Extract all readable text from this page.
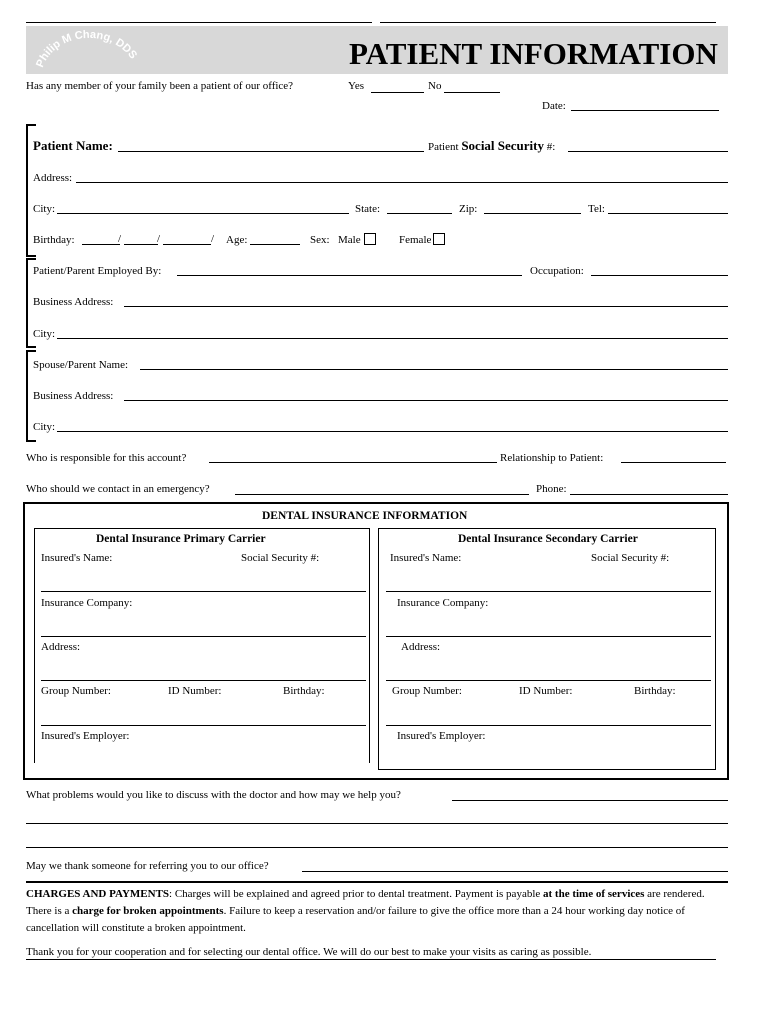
Philip M Chang, DDS	PATIENT INFORMATION
Has any member of your family been a patient of our office?	Yes	No
Date:
Patient Name:	Patient Social Security #:
Address:
City:	State:	Zip:	Tel:
Birthday:	/	/	/ Age:	Sex: Male	Female
Patient/Parent Employed By:	Occupation:
Business Address:
City:
Spouse/Parent Name:
Business Address:
City:
Who is responsible for this account?	Relationship to Patient:
Who should we contact in an emergency?	Phone:
DENTAL INSURANCE INFORMATION
Dental Insurance Primary Carrier
Insured's Name:	Social Security #:
Insurance Company:
Address:
Group Number:	ID Number:	Birthday:
Insured's Employer:
Dental Insurance Secondary Carrier
Insured's Name:	Social Security #:
Insurance Company:
Address:
Group Number:	ID Number:	Birthday:
Insured's Employer:
What problems would you like to discuss with the doctor and how may we help you?
May we thank someone for referring you to our office?
CHARGES AND PAYMENTS: Charges will be explained and agreed prior to dental treatment. Payment is payable at the time of services are rendered. There is a charge for broken appointments. Failure to keep a reservation and/or failure to give the office more than a 24 hour working day notice of cancellation will constitute a broken appointment.
Thank you for your cooperation and for selecting our dental office. We will do our best to make your visits as caring as possible.
